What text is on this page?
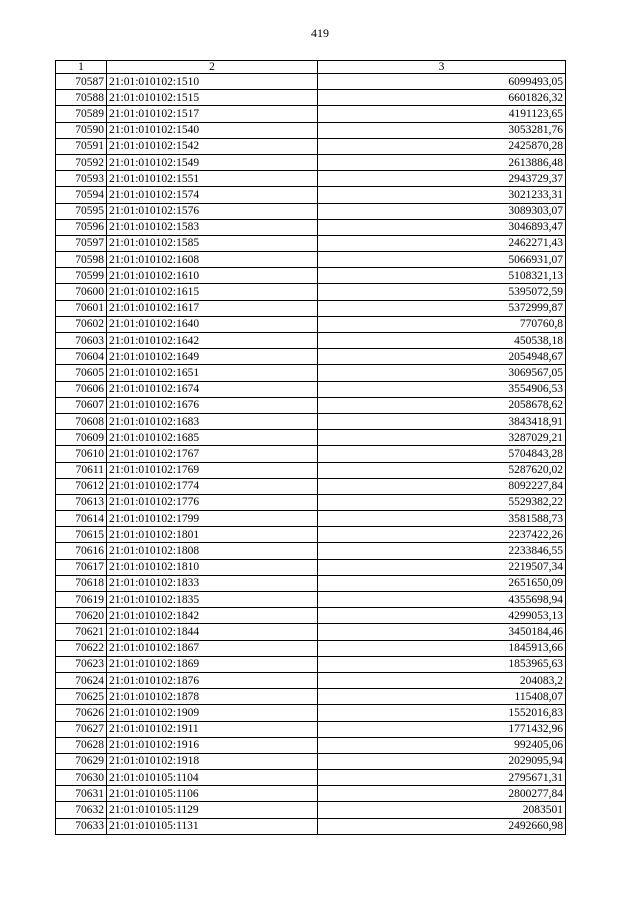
419
1	2	3
70587	21:01:010102:1510	6099493,05
70588	21:01:010102:1515	6601826,32
70589	21:01:010102:1517	4191123,65
70590	21:01:010102:1540	3053281,76
70591	21:01:010102:1542	2425870,28
70592	21:01:010102:1549	2613886,48
70593	21:01:010102:1551	2943729,37
70594	21:01:010102:1574	3021233,31
70595	21:01:010102:1576	3089303,07
70596	21:01:010102:1583	3046893,47
70597	21:01:010102:1585	2462271,43
70598	21:01:010102:1608	5066931,07
70599	21:01:010102:1610	5108321,13
70600	21:01:010102:1615	5395072,59
70601	21:01:010102:1617	5372999,87
70602	21:01:010102:1640	770760,8
70603	21:01:010102:1642	450538,18
70604	21:01:010102:1649	2054948,67
70605	21:01:010102:1651	3069567,05
70606	21:01:010102:1674	3554906,53
70607	21:01:010102:1676	2058678,62
70608	21:01:010102:1683	3843418,91
70609	21:01:010102:1685	3287029,21
70610	21:01:010102:1767	5704843,28
70611	21:01:010102:1769	5287620,02
70612	21:01:010102:1774	8092227,84
70613	21:01:010102:1776	5529382,22
70614	21:01:010102:1799	3581588,73
70615	21:01:010102:1801	2237422,26
70616	21:01:010102:1808	2233846,55
70617	21:01:010102:1810	2219507,34
70618	21:01:010102:1833	2651650,09
70619	21:01:010102:1835	4355698,94
70620	21:01:010102:1842	4299053,13
70621	21:01:010102:1844	3450184,46
70622	21:01:010102:1867	1845913,66
70623	21:01:010102:1869	1853965,63
70624	21:01:010102:1876	204083,2
70625	21:01:010102:1878	115408,07
70626	21:01:010102:1909	1552016,83
70627	21:01:010102:1911	1771432,96
70628	21:01:010102:1916	992405,06
70629	21:01:010102:1918	2029095,94
70630	21:01:010105:1104	2795671,31
70631	21:01:010105:1106	2800277,84
70632	21:01:010105:1129	2083501
70633	21:01:010105:1131	2492660,98
